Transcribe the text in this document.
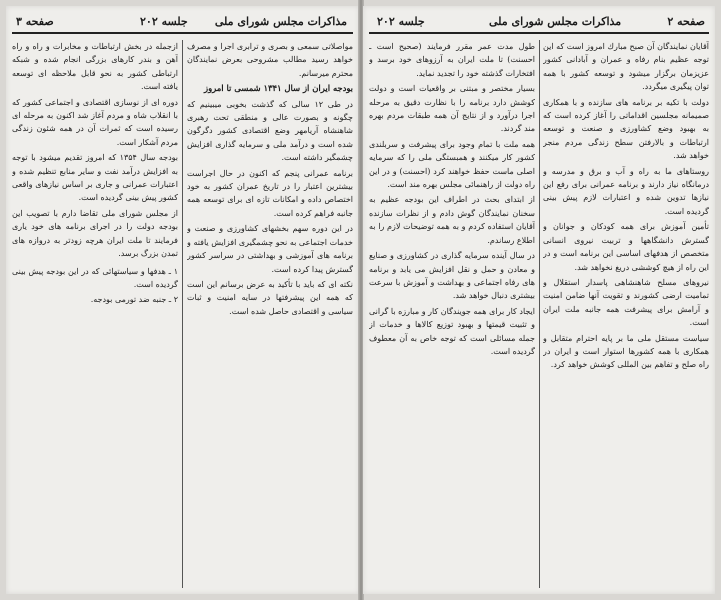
مذاکرات مجلس شورای ملی
جلسه ۲۰۲
صفحه ۳

مواصلاتی سمعی و بصری و ترابری اجرا و مصرف خواهد رسید مطالب مشروحی بعرض نمایندگان محترم میرسانم.

بودجه ایران از سال ۱۳۴۱ شمسی تا امروز

در طی ۱۲ سالی که گذشت بخوبی میبینیم که چگونه و بصورت عالی و منطقی تحت رهبری شاهنشاه آریامهر وضع اقتصادی کشور دگرگون شده است و درآمد ملی و سرمایه گذاری افزایش چشمگیر داشته است.

برنامه عمرانی پنجم که اکنون در حال اجراست بیشترین اعتبار را در تاریخ عمران کشور به خود اختصاص داده و امکانات تازه ای برای توسعه همه جانبه فراهم کرده است.

در این دوره سهم بخشهای کشاورزی و صنعت و خدمات اجتماعی به نحو چشمگیری افزایش یافته و برنامه های آموزشی و بهداشتی در سراسر کشور گسترش پیدا کرده است.

نکته ای که باید با تأکید به عرض برسانم این است که همه این پیشرفتها در سایه امنیت و ثبات سیاسی و اقتصادی حاصل شده است.

ازجمله در بخش ارتباطات و مخابرات و راه و راه آهن و بندر کارهای بزرگی انجام شده و شبکه ارتباطی کشور به نحو قابل ملاحظه ای توسعه یافته است.

دوره ای از نوسازی اقتصادی و اجتماعی کشور که با انقلاب شاه و مردم آغاز شد اکنون به مرحله ای رسیده است که ثمرات آن در همه شئون زندگی مردم آشکار است.

بودجه سال ۱۳۵۴ که امروز تقدیم میشود با توجه به افزایش درآمد نفت و سایر منابع تنظیم شده و اعتبارات عمرانی و جاری بر اساس نیازهای واقعی کشور پیش بینی گردیده است.

از مجلس شورای ملی تقاضا دارم با تصویب این بودجه دولت را در اجرای برنامه های خود یاری فرمایند تا ملت ایران هرچه زودتر به دروازه های تمدن بزرگ برسد.

۱ ـ هدفها و سیاستهائی که در این بودجه پیش بینی گردیده است.

۲ ـ جنبه ضد تورمی بودجه.

صفحه ۲
مذاکرات مجلس شورای ملی
جلسه ۲۰۲

آقایان نمایندگان آن صبح مبارك امروز است که این توجه عظیم بنام رفاه و عمران و آبادانی کشور عزیزمان برگزار میشود و توسعه کشور با همه توان پیگیری میگردد.

دولت با تکیه بر برنامه های سازنده و با همکاری صمیمانه مجلسین اقداماتی را آغاز کرده است که به بهبود وضع کشاورزی و صنعت و توسعه ارتباطات و بالارفتن سطح زندگی مردم منجر خواهد شد.

روستاهای ما به راه و آب و برق و مدرسه و درمانگاه نیاز دارند و برنامه عمرانی برای رفع این نیازها تدوین شده و اعتبارات لازم پیش بینی گردیده است.

تأمین آموزش برای همه کودکان و جوانان و گسترش دانشگاهها و تربیت نیروی انسانی متخصص از هدفهای اساسی این برنامه است و در این راه از هیچ کوششی دریغ نخواهد شد.

نیروهای مسلح شاهنشاهی پاسدار استقلال و تمامیت ارضی کشورند و تقویت آنها ضامن امنیت و آرامش برای پیشرفت همه جانبه ملت ایران است.

سیاست مستقل ملی ما بر پایه احترام متقابل و همکاری با همه کشورها استوار است و ایران در راه صلح و تفاهم بین المللی کوشش خواهد کرد.

طول مدت عمر مقرر فرمایند (صحیح است ـ احسنت) تا ملت ایران به آرزوهای خود برسد و افتخارات گذشته خود را تجدید نماید.

بسیار مختصر و مبتنی بر واقعیات است و دولت کوشش دارد برنامه را با نظارت دقیق به مرحله اجرا درآورد و از نتایج آن همه طبقات مردم بهره مند گردند.

همه ملت با تمام وجود برای پیشرفت و سربلندی کشور کار میکنند و همبستگی ملی را که سرمایه اصلی ماست حفظ خواهند کرد (احسنت) و در این راه دولت از راهنمائی مجلس بهره مند است.

از ابتدای بحث در اطراف این بودجه عظیم به سخنان نمایندگان گوش دادم و از نظرات سازنده آقایان استفاده کردم و به همه توضیحات لازم را به اطلاع رساندم.

در سال آینده سرمایه گذاری در کشاورزی و صنایع و معادن و حمل و نقل افزایش می یابد و برنامه های رفاه اجتماعی و بهداشت و آموزش با سرعت بیشتری دنبال خواهد شد.

ایجاد کار برای همه جویندگان کار و مبارزه با گرانی و تثبیت قیمتها و بهبود توزیع کالاها و خدمات از جمله مسائلی است که توجه خاص به آن معطوف گردیده است.
